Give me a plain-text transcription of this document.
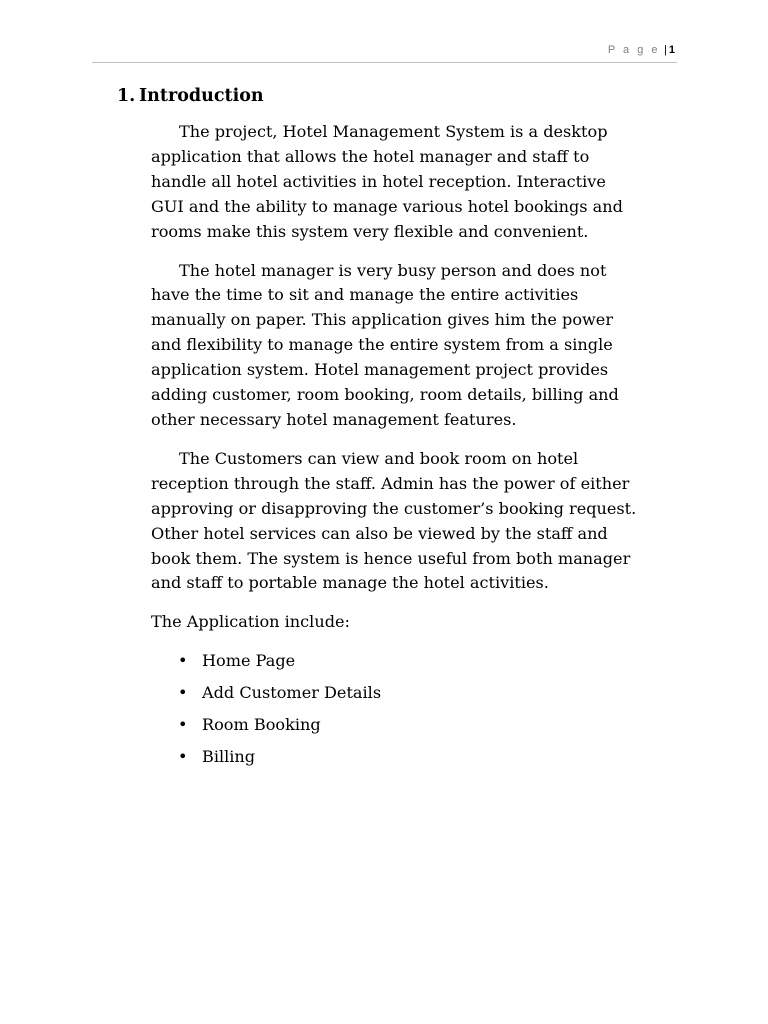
P a g e | 1
1. Introduction

The project, Hotel Management System is a desktop
application that allows the hotel manager and staff to
handle all hotel activities in hotel reception. Interactive
GUI and the ability to manage various hotel bookings and
rooms make this system very flexible and convenient.

The hotel manager is very busy person and does not
have the time to sit and manage the entire activities
manually on paper. This application gives him the power
and flexibility to manage the entire system from a single
application system. Hotel management project provides
adding customer, room booking, room details, billing and
other necessary hotel management features.

The Customers can view and book room on hotel
reception through the staff. Admin has the power of either
approving or disapproving the customer’s booking request.
Other hotel services can also be viewed by the staff and
book them. The system is hence useful from both manager
and staff to portable manage the hotel activities.

The Application include:

• Home Page
• Add Customer Details
• Room Booking
• Billing
